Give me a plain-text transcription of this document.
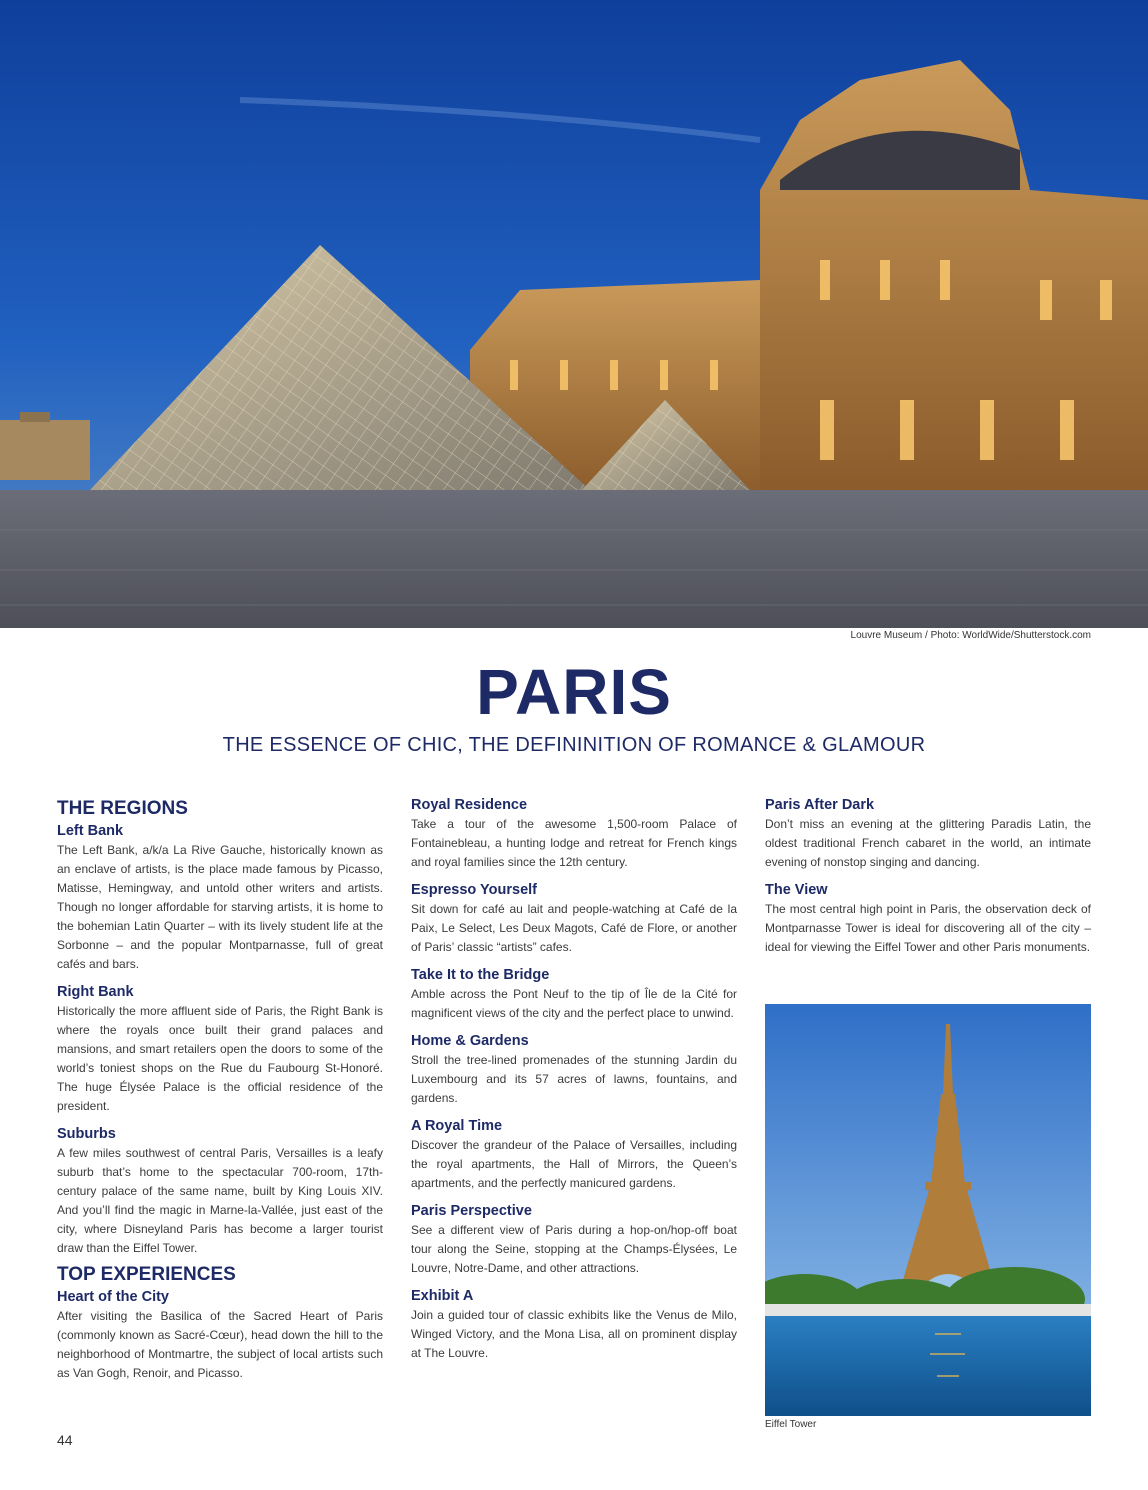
Louvre Museum / Photo: WorldWide/Shutterstock.com
PARIS
THE ESSENCE OF CHIC, THE DEFININITION OF ROMANCE & GLAMOUR
THE REGIONS
Left Bank

The Left Bank, a/k/a La Rive Gauche, historically known as an enclave of artists, is the place made famous by Picasso, Matisse, Hemingway, and untold other writers and artists. Though no longer affordable for starving artists, it is home to the bohemian Latin Quarter – with its lively student life at the Sorbonne – and the popular Montparnasse, full of great cafés and bars.

Right Bank

Historically the more affluent side of Paris, the Right Bank is where the royals once built their grand palaces and mansions, and smart retailers open the doors to some of the world’s toniest shops on the Rue du Faubourg St-Honoré. The huge Élysée Palace is the official residence of the president.

Suburbs

A few miles southwest of central Paris, Versailles is a leafy suburb that’s home to the spectacular 700-room, 17th-century palace of the same name, built by King Louis XIV. And you’ll find the magic in Marne-la-Vallée, just east of the city, where Disneyland Paris has become a larger tourist draw than the Eiffel Tower.

TOP EXPERIENCES
Heart of the City

After visiting the Basilica of the Sacred Heart of Paris (commonly known as Sacré-Cœur), head down the hill to the neighborhood of Montmartre, the subject of local artists such as Van Gogh, Renoir, and Picasso.

Royal Residence

Take a tour of the awesome 1,500-room Palace of Fontainebleau, a hunting lodge and retreat for French kings and royal families since the 12th century.

Espresso Yourself

Sit down for café au lait and people-watching at Café de la Paix, Le Select, Les Deux Magots, Café de Flore, or another of Paris’ classic “artists” cafes.

Take It to the Bridge

Amble across the Pont Neuf to the tip of Île de la Cité for magnificent views of the city and the perfect place to unwind.

Home & Gardens

Stroll the tree-lined promenades of the stunning Jardin du Luxembourg and its 57 acres of lawns, fountains, and gardens.

A Royal Time

Discover the grandeur of the Palace of Versailles, including the royal apartments, the Hall of Mirrors, the Queen’s apartments, and the perfectly manicured gardens.

Paris Perspective

See a different view of Paris during a hop-on/hop-off boat tour along the Seine, stopping at the Champs-Élysées, Le Louvre, Notre-Dame, and other attractions.

Exhibit A

Join a guided tour of classic exhibits like the Venus de Milo, Winged Victory, and the Mona Lisa, all on prominent display at The Louvre.

Paris After Dark

Don’t miss an evening at the glittering Paradis Latin, the oldest traditional French cabaret in the world, an intimate evening of nonstop singing and dancing.

The View

The most central high point in Paris, the observation deck of Montparnasse Tower is ideal for discovering all of the city – ideal for viewing the Eiffel Tower and other Paris monuments.

Eiffel Tower
44
